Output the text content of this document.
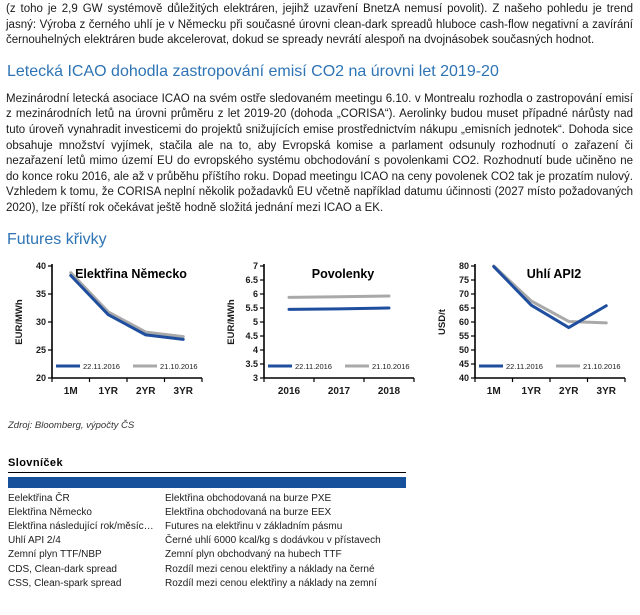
(z toho je 2,9 GW systémově důležitých elektráren, jejihž uzavření BnetzA nemusí povolit). Z našeho pohledu je trend jasný: Výroba z černého uhlí je v Německu při současné úrovni clean-dark spreadů hluboce cash-flow negativní a zavírání černouhelných elektráren bude akcelerovat, dokud se spready nevrátí alespoň na dvojnásobek současných hodnot.

Letecká ICAO dohodla zastropování emisí CO2 na úrovni let 2019-20

Mezinárodní letecká asociace ICAO na svém ostře sledovaném meetingu 6.10. v Montrealu rozhodla o zastropování emisí z mezinárodních letů na úrovni průměru z let 2019-20 (dohoda „CORISA“). Aerolinky budou muset případné nárůsty nad tuto úroveň vynahradit investicemi do projektů snižujících emise prostřednictvím nákupu „emisních jednotek“. Dohoda sice obsahuje množství vyjímek, stačila ale na to, aby Evropská komise a parlament odsunuly rozhodnutí o zařazení či nezařazení letů mimo území EU do evropského systému obchodování s povolenkami CO2. Rozhodnutí bude učiněno ne do konce roku 2016, ale až v průběhu příštího roku. Dopad meetingu ICAO na ceny povolenek CO2 tak je prozatím nulový. Vzhledem k tomu, že CORISA neplní několik požadavků EU včetně například datumu účinnosti (2027 místo požadovaných 2020), lze příští rok očekávat ještě hodně složitá jednání mezi ICAO a EK.

Futures křivky
20
25
30
35
40
1M 1YR 2YR 3YR
EUR/MWh
Elektřina Německo
22.11.2016	21.10.2016
3
3.5
4
4.5
5
5.5
6
6.5
7
2016	2017	2018
EUR/MWh
Povolenky
22.11.2016	21.10.2016
40
45
50
55
60
65
70
75
80
1M 1YR 2YR 3YR
USD/t
Uhlí API2
22.11.2016	21.10.2016
Zdroj: Bloomberg, výpočty ČS
Slovníček
Eelektřina ČR	Elektřina obchodovaná na burze PXE
Elektřina Německo	Elektřina obchodovaná na burze EEX
Elektřina následující rok/měsíc…	Futures na elektřinu v základním pásmu
Uhlí API 2/4	Černé uhlí 6000 kcal/kg s dodávkou v přístavech
Zemní plyn TTF/NBP	Zemní plyn obchodvaný na hubech TTF
CDS, Clean-dark spread	Rozdíl mezi cenou elektřiny a náklady na černé
CSS, Clean-spark spread	Rozdíl mezi cenou elektřiny a náklady na zemní
